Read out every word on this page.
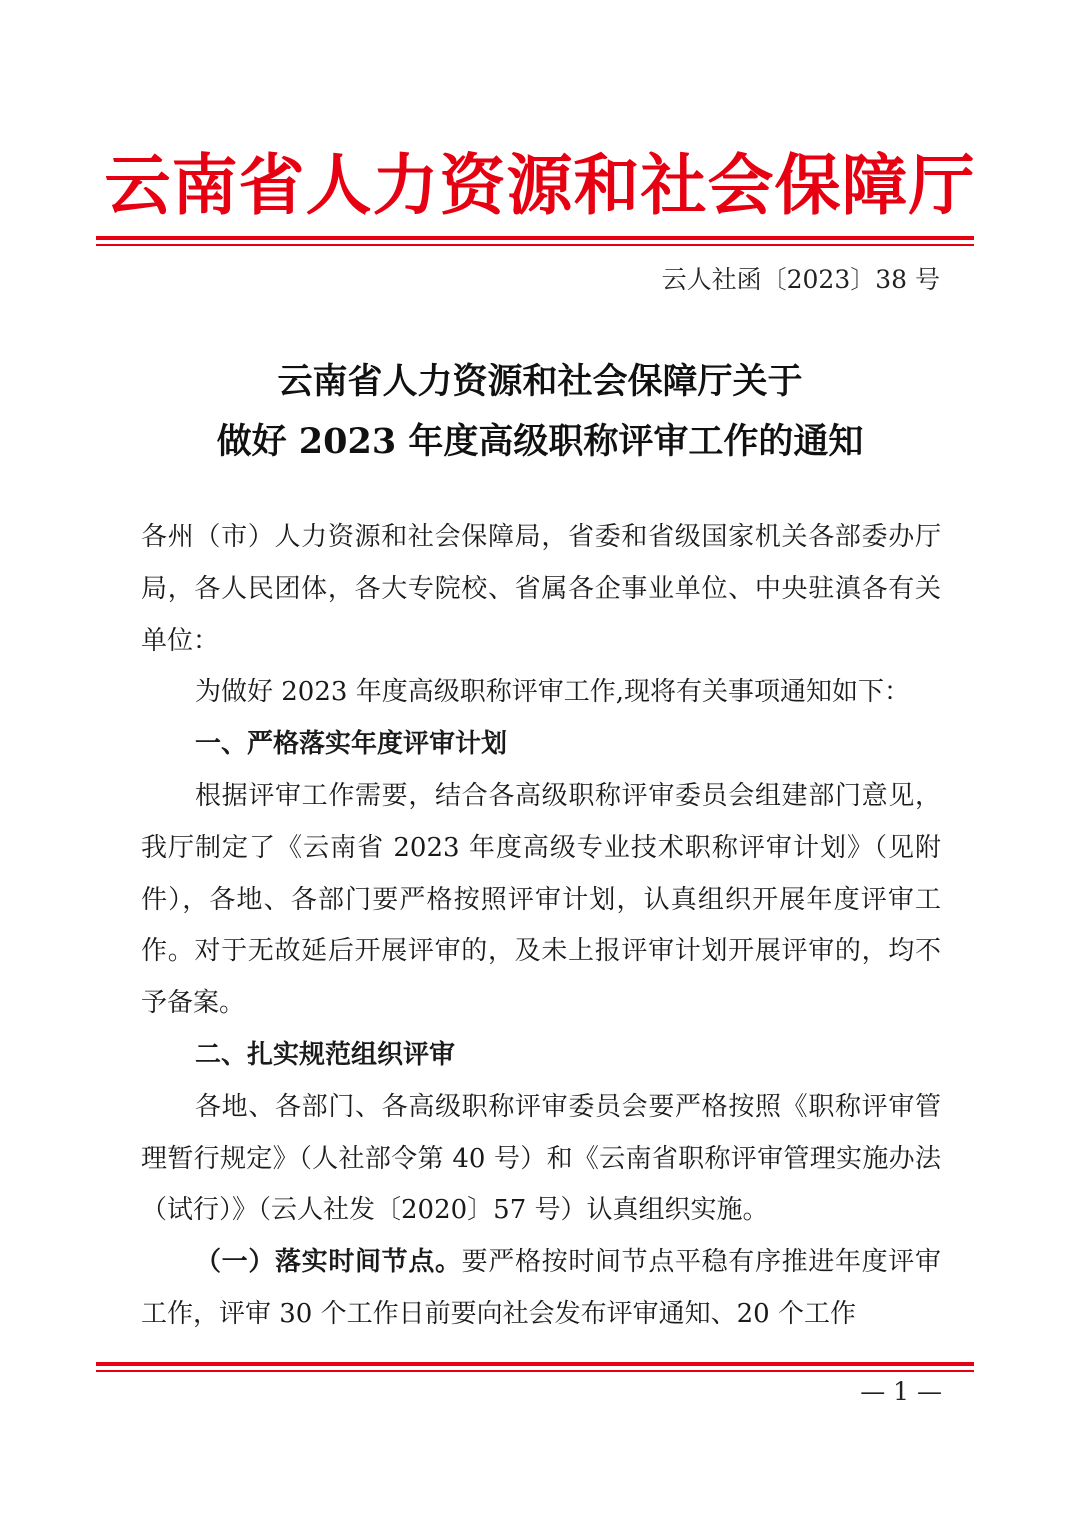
云南省人力资源和社会保障厅
云人社函〔2023〕38 号
云南省人力资源和社会保障厅关于
做好 2023 年度高级职称评审工作的通知

各州（市）人力资源和社会保障局，省委和省级国家机关各部委办厅局，各人民团体，各大专院校、省属各企事业单位、中央驻滇各有关单位：

为做好 2023 年度高级职称评审工作,现将有关事项通知如下：

一、严格落实年度评审计划

根据评审工作需要，结合各高级职称评审委员会组建部门意见，我厅制定了《云南省 2023 年度高级专业技术职称评审计划》（见附件），各地、各部门要严格按照评审计划，认真组织开展年度评审工作。对于无故延后开展评审的，及未上报评审计划开展评审的，均不予备案。

二、扎实规范组织评审

各地、各部门、各高级职称评审委员会要严格按照《职称评审管理暂行规定》（人社部令第 40 号）和《云南省职称评审管理实施办法（试行）》（云人社发〔2020〕57 号）认真组织实施。

（一）落实时间节点。要严格按时间节点平稳有序推进年度评审工作，评审 30 个工作日前要向社会发布评审通知、20 个工作

— 1 —
